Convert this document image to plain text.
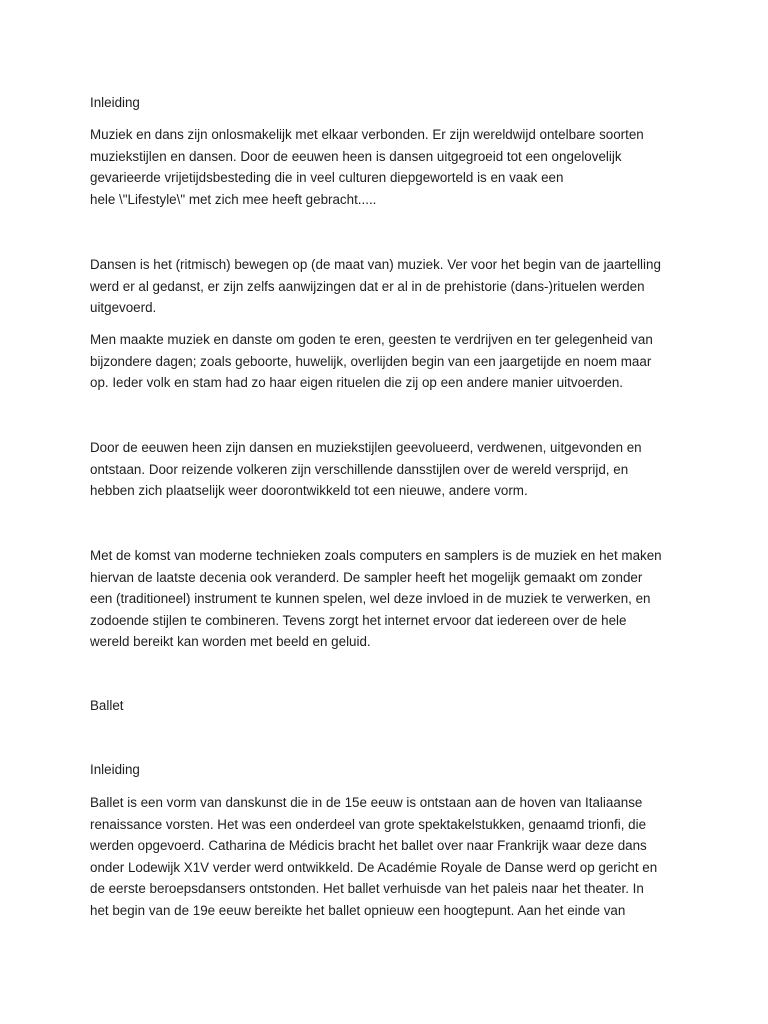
Inleiding

Muziek en dans zijn onlosmakelijk met elkaar verbonden. Er zijn wereldwijd ontelbare soorten
muziekstijlen en dansen. Door de eeuwen heen is dansen uitgegroeid tot een ongelovelijk
gevarieerde vrijetijdsbesteding die in veel culturen diepgeworteld is en vaak een
hele \"Lifestyle\" met zich mee heeft gebracht.....

Dansen is het (ritmisch) bewegen op (de maat van) muziek. Ver voor het begin van de jaartelling
werd er al gedanst, er zijn zelfs aanwijzingen dat er al in de prehistorie (dans-)rituelen werden
uitgevoerd.

Men maakte muziek en danste om goden te eren, geesten te verdrijven en ter gelegenheid van
bijzondere dagen; zoals geboorte, huwelijk, overlijden begin van een jaargetijde en noem maar
op. Ieder volk en stam had zo haar eigen rituelen die zij op een andere manier uitvoerden.

Door de eeuwen heen zijn dansen en muziekstijlen geevolueerd, verdwenen, uitgevonden en
ontstaan. Door reizende volkeren zijn verschillende dansstijlen over de wereld versprijd, en
hebben zich plaatselijk weer doorontwikkeld tot een nieuwe, andere vorm.

Met de komst van moderne technieken zoals computers en samplers is de muziek en het maken
hiervan de laatste decenia ook veranderd. De sampler heeft het mogelijk gemaakt om zonder
een (traditioneel) instrument te kunnen spelen, wel deze invloed in de muziek te verwerken, en
zodoende stijlen te combineren. Tevens zorgt het internet ervoor dat iedereen over de hele
wereld bereikt kan worden met beeld en geluid.

Ballet

Inleiding

Ballet is een vorm van danskunst die in de 15e eeuw is ontstaan aan de hoven van Italiaanse
renaissance vorsten. Het was een onderdeel van grote spektakelstukken, genaamd trionfi, die
werden opgevoerd. Catharina de Médicis bracht het ballet over naar Frankrijk waar deze dans
onder Lodewijk X1V verder werd ontwikkeld. De Académie Royale de Danse werd op gericht en
de eerste beroepsdansers ontstonden. Het ballet verhuisde van het paleis naar het theater. In
het begin van de 19e eeuw bereikte het ballet opnieuw een hoogtepunt. Aan het einde van
